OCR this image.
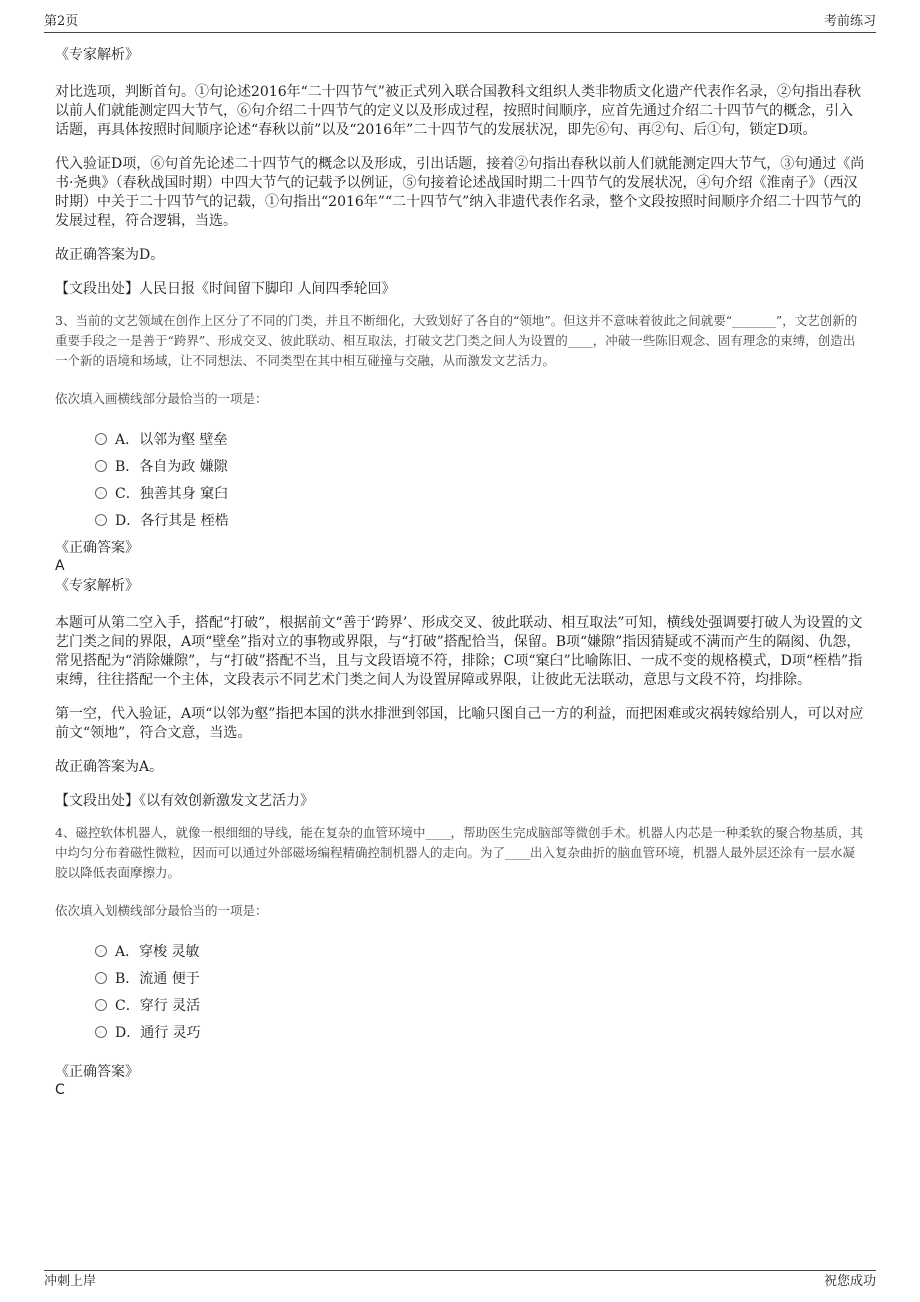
第2页	考前练习

《专家解析》

对比选项，判断首句。①句论述2016年“二十四节气”被正式列入联合国教科文组织人类非物质文化遗产代表作名录，②句指出春秋以前人们就能测定四大节气，⑥句介绍二十四节气的定义以及形成过程，按照时间顺序，应首先通过介绍二十四节气的概念，引入话题，再具体按照时间顺序论述“春秋以前”以及“2016年”二十四节气的发展状况，即先⑥句、再②句、后①句，锁定D项。

代入验证D项，⑥句首先论述二十四节气的概念以及形成，引出话题，接着②句指出春秋以前人们就能测定四大节气，③句通过《尚书·尧典》（春秋战国时期）中四大节气的记载予以例证，⑤句接着论述战国时期二十四节气的发展状况，④句介绍《淮南子》（西汉时期）中关于二十四节气的记载，①句指出“2016年”“二十四节气”纳入非遗代表作名录，整个文段按照时间顺序介绍二十四节气的发展过程，符合逻辑，当选。

故正确答案为D。

【文段出处】人民日报《时间留下脚印 人间四季轮回》

3、当前的文艺领域在创作上区分了不同的门类，并且不断细化，大致划好了各自的“领地”。但这并不意味着彼此之间就要“_______”，文艺创新的重要手段之一是善于“跨界”、形成交叉、彼此联动、相互取法，打破文艺门类之间人为设置的____，冲破一些陈旧观念、固有理念的束缚，创造出一个新的语境和场域，让不同想法、不同类型在其中相互碰撞与交融，从而激发文艺活力。

依次填入画横线部分最恰当的一项是：

A．以邻为壑 壁垒
B．各自为政 嫌隙
C．独善其身 窠臼
D．各行其是 桎梏

《正确答案》

A

《专家解析》

本题可从第二空入手，搭配“打破”，根据前文“善于‘跨界’、形成交叉、彼此联动、相互取法”可知，横线处强调要打破人为设置的文艺门类之间的界限，A项“壁垒”指对立的事物或界限，与“打破”搭配恰当，保留。B项“嫌隙”指因猜疑或不满而产生的隔阂、仇怨，常见搭配为“消除嫌隙”，与“打破”搭配不当，且与文段语境不符，排除；C项“窠臼”比喻陈旧、一成不变的规格模式，D项“桎梏”指束缚，往往搭配一个主体，文段表示不同艺术门类之间人为设置屏障或界限，让彼此无法联动，意思与文段不符，均排除。

第一空，代入验证，A项“以邻为壑”指把本国的洪水排泄到邻国，比喻只图自己一方的利益，而把困难或灾祸转嫁给别人，可以对应前文“领地”，符合文意，当选。

故正确答案为A。

【文段出处】《以有效创新激发文艺活力》

4、磁控软体机器人，就像一根细细的导线，能在复杂的血管环境中____，帮助医生完成脑部等微创手术。机器人内芯是一种柔软的聚合物基质，其中均匀分布着磁性微粒，因而可以通过外部磁场编程精确控制机器人的走向。为了____出入复杂曲折的脑血管环境，机器人最外层还涂有一层水凝胶以降低表面摩擦力。

依次填入划横线部分最恰当的一项是：

A．穿梭 灵敏
B．流通 便于
C．穿行 灵活
D．通行 灵巧

《正确答案》

C

冲刺上岸	祝您成功
